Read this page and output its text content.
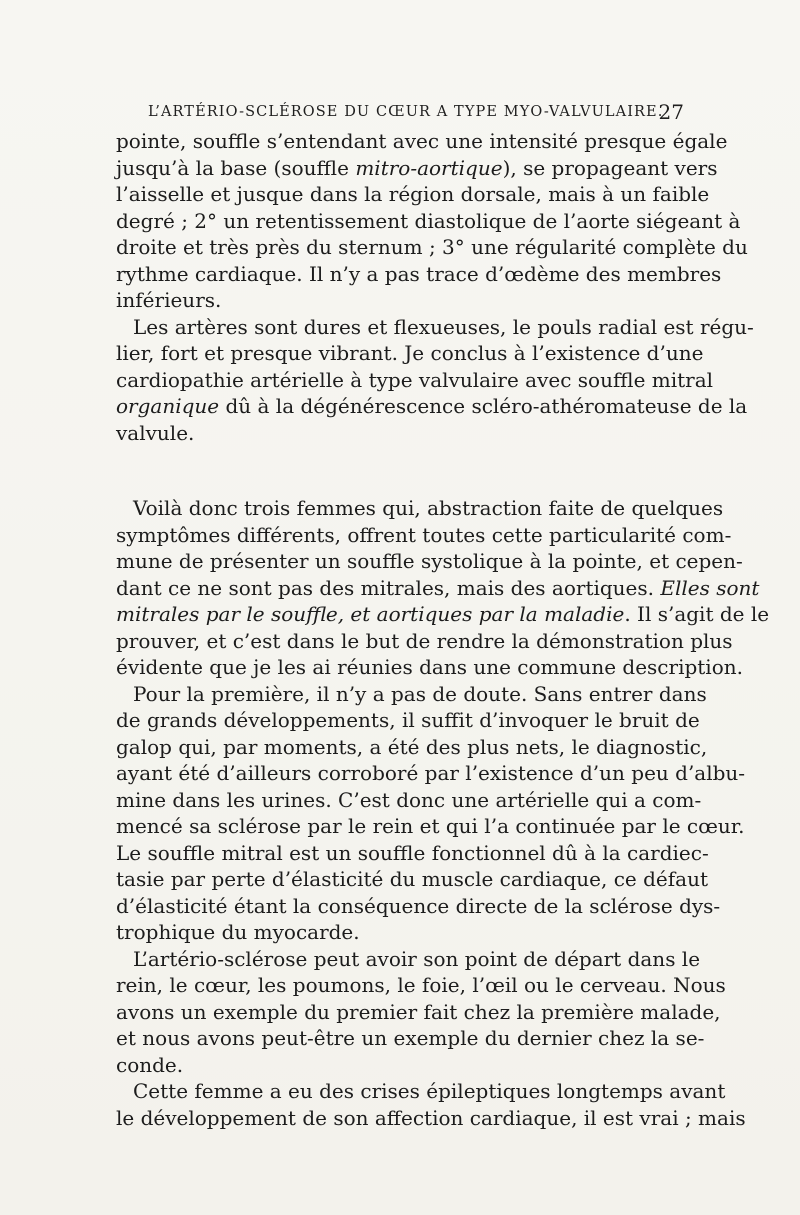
L’ARTÉRIO-SCLÉROSE DU CŒUR A TYPE MYO-VALVULAIRE.
27
pointe, souffle s’entendant avec une intensité presque égale
jusqu’à la base (souffle mitro-aortique), se propageant vers
l’aisselle et jusque dans la région dorsale, mais à un faible
degré ; 2° un retentissement diastolique de l’aorte siégeant à
droite et très près du sternum ; 3° une régularité complète du
rythme cardiaque. Il n’y a pas trace d’œdème des membres
inférieurs.
Les artères sont dures et flexueuses, le pouls radial est régu-
lier, fort et presque vibrant. Je conclus à l’existence d’une
cardiopathie artérielle à type valvulaire avec souffle mitral
organique dû à la dégénérescence scléro-athéromateuse de la
valvule.
Voilà donc trois femmes qui, abstraction faite de quelques
symptômes différents, offrent toutes cette particularité com-
mune de présenter un souffle systolique à la pointe, et cepen-
dant ce ne sont pas des mitrales, mais des aortiques. Elles sont
mitrales par le souffle, et aortiques par la maladie. Il s’agit de le
prouver, et c’est dans le but de rendre la démonstration plus
évidente que je les ai réunies dans une commune description.
Pour la première, il n’y a pas de doute. Sans entrer dans
de grands développements, il suffit d’invoquer le bruit de
galop qui, par moments, a été des plus nets, le diagnostic,
ayant été d’ailleurs corroboré par l’existence d’un peu d’albu-
mine dans les urines. C’est donc une artérielle qui a com-
mencé sa sclérose par le rein et qui l’a continuée par le cœur.
Le souffle mitral est un souffle fonctionnel dû à la cardiec-
tasie par perte d’élasticité du muscle cardiaque, ce défaut
d’élasticité étant la conséquence directe de la sclérose dys-
trophique du myocarde.
L’artério-sclérose peut avoir son point de départ dans le
rein, le cœur, les poumons, le foie, l’œil ou le cerveau. Nous
avons un exemple du premier fait chez la première malade,
et nous avons peut-être un exemple du dernier chez la se-
conde.
Cette femme a eu des crises épileptiques longtemps avant
le développement de son affection cardiaque, il est vrai ; mais
